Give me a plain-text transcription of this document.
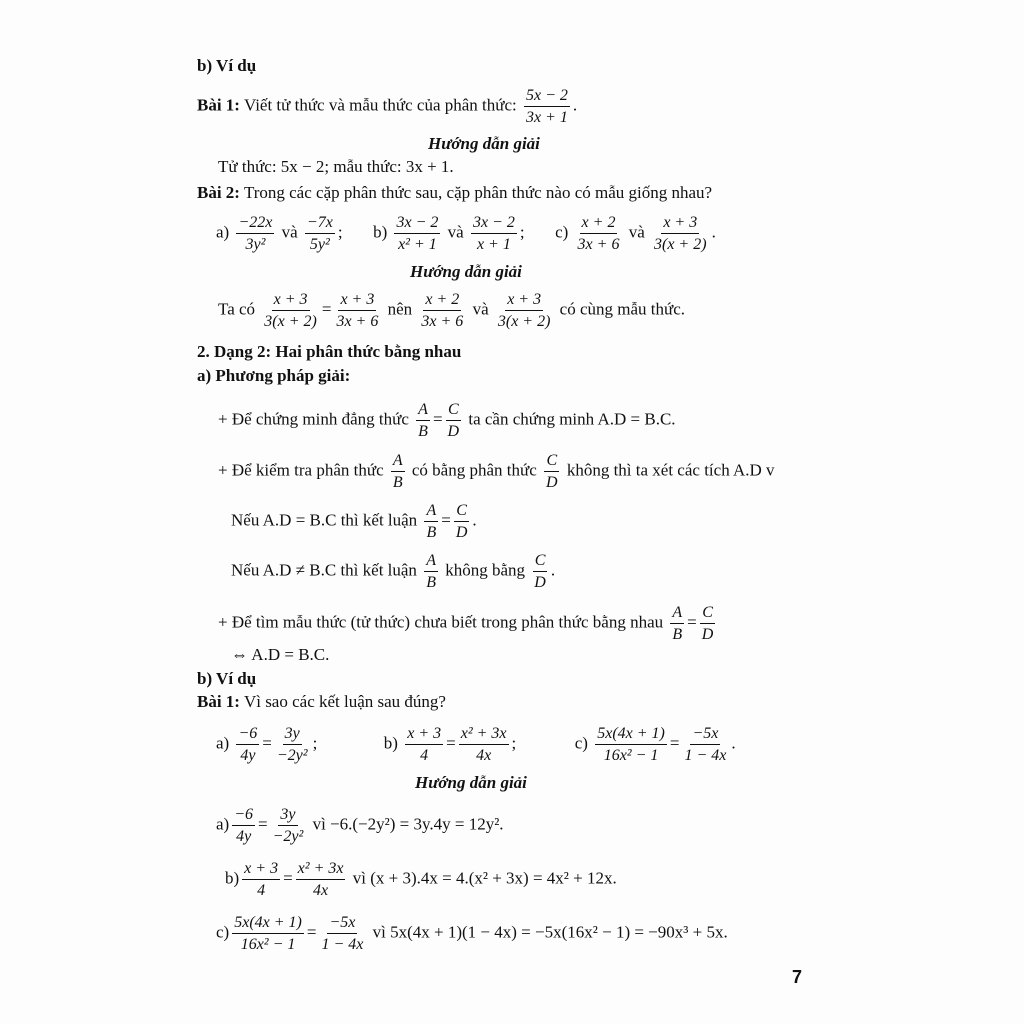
b) Ví dụ
Bài 1: Viết tử thức và mẫu thức của phân thức: $\frac{5x - 2}{3x + 1}$ .
Hướng dẫn giải
Tử thức: 5x − 2; mẫu thức: 3x + 1.
Bài 2: Trong các cặp phân thức sau, cặp phân thức nào có mẫu giống nhau?
$a) \frac{-22x}{\text{3y²}}$ và $\frac{-7x}{\text{5y²}}$ ;  $b) \frac{3x - 2}{\text{x² + 1}}$ và $\frac{3x - 2}{x + 1}$ ;  $c) \frac{x + 2}{3x + 6}$ và $\frac{x + 3}{3(x + 2)}$ .
Hướng dẫn giải
Ta có $\frac{x + 3}{3(x + 2)} = \frac{x + 3}{3x + 6}$ nên $\frac{x + 2}{3x + 6}$ và $\frac{x + 3}{3(x + 2)}$ có cùng mẫu thức.
2. Dạng 2: Hai phân thức bằng nhau
a) Phương pháp giải:
+ Để chứng minh đẳng thức $\frac{A}{B} = \frac{C}{D}$ ta cần chứng minh A.D = B.C.
+ Để kiểm tra phân thức $\frac{A}{B}$ có bằng phân thức $\frac{C}{D}$ không thì ta xét các tích A.D v
Nếu A.D = B.C thì kết luận $\frac{A}{B} = \frac{C}{D}$ .
Nếu A.D ≠ B.C thì kết luận $\frac{A}{B}$ không bằng $\frac{C}{D}$ .
+ Để tìm mẫu thức (tử thức) chưa biết trong phân thức bằng nhau $\frac{A}{B} = \frac{C}{D}$
⇔ A.D = B.C.
b) Ví dụ
Bài 1: Vì sao các kết luận sau đúng?
$a) \frac{-6}{4y} = \frac{3y}{\text{−2y²}}$ ;	$b) \frac{x + 3}{4} = \frac{\text{x² + 3x}}{4x}$ ;	$c) \frac{5x(4x + 1)}{\text{16x² − 1}} = \frac{-5x}{1 - 4x}$ .
Hướng dẫn giải
$a) \frac{-6}{4y} = \frac{3y}{\text{−2y²}}$ vì −6.(−2y²) = 3y.4y = 12y².
$b) \frac{x + 3}{4} = \frac{\text{x² + 3x}}{4x}$ vì (x + 3).4x = 4.(x² + 3x) = 4x² + 12x.
$c) \frac{5x(4x + 1)}{\text{16x² − 1}} = \frac{-5x}{1 - 4x}$ vì 5x(4x + 1)(1 − 4x) = −5x(16x² − 1) = −90x³ + 5x.
7
